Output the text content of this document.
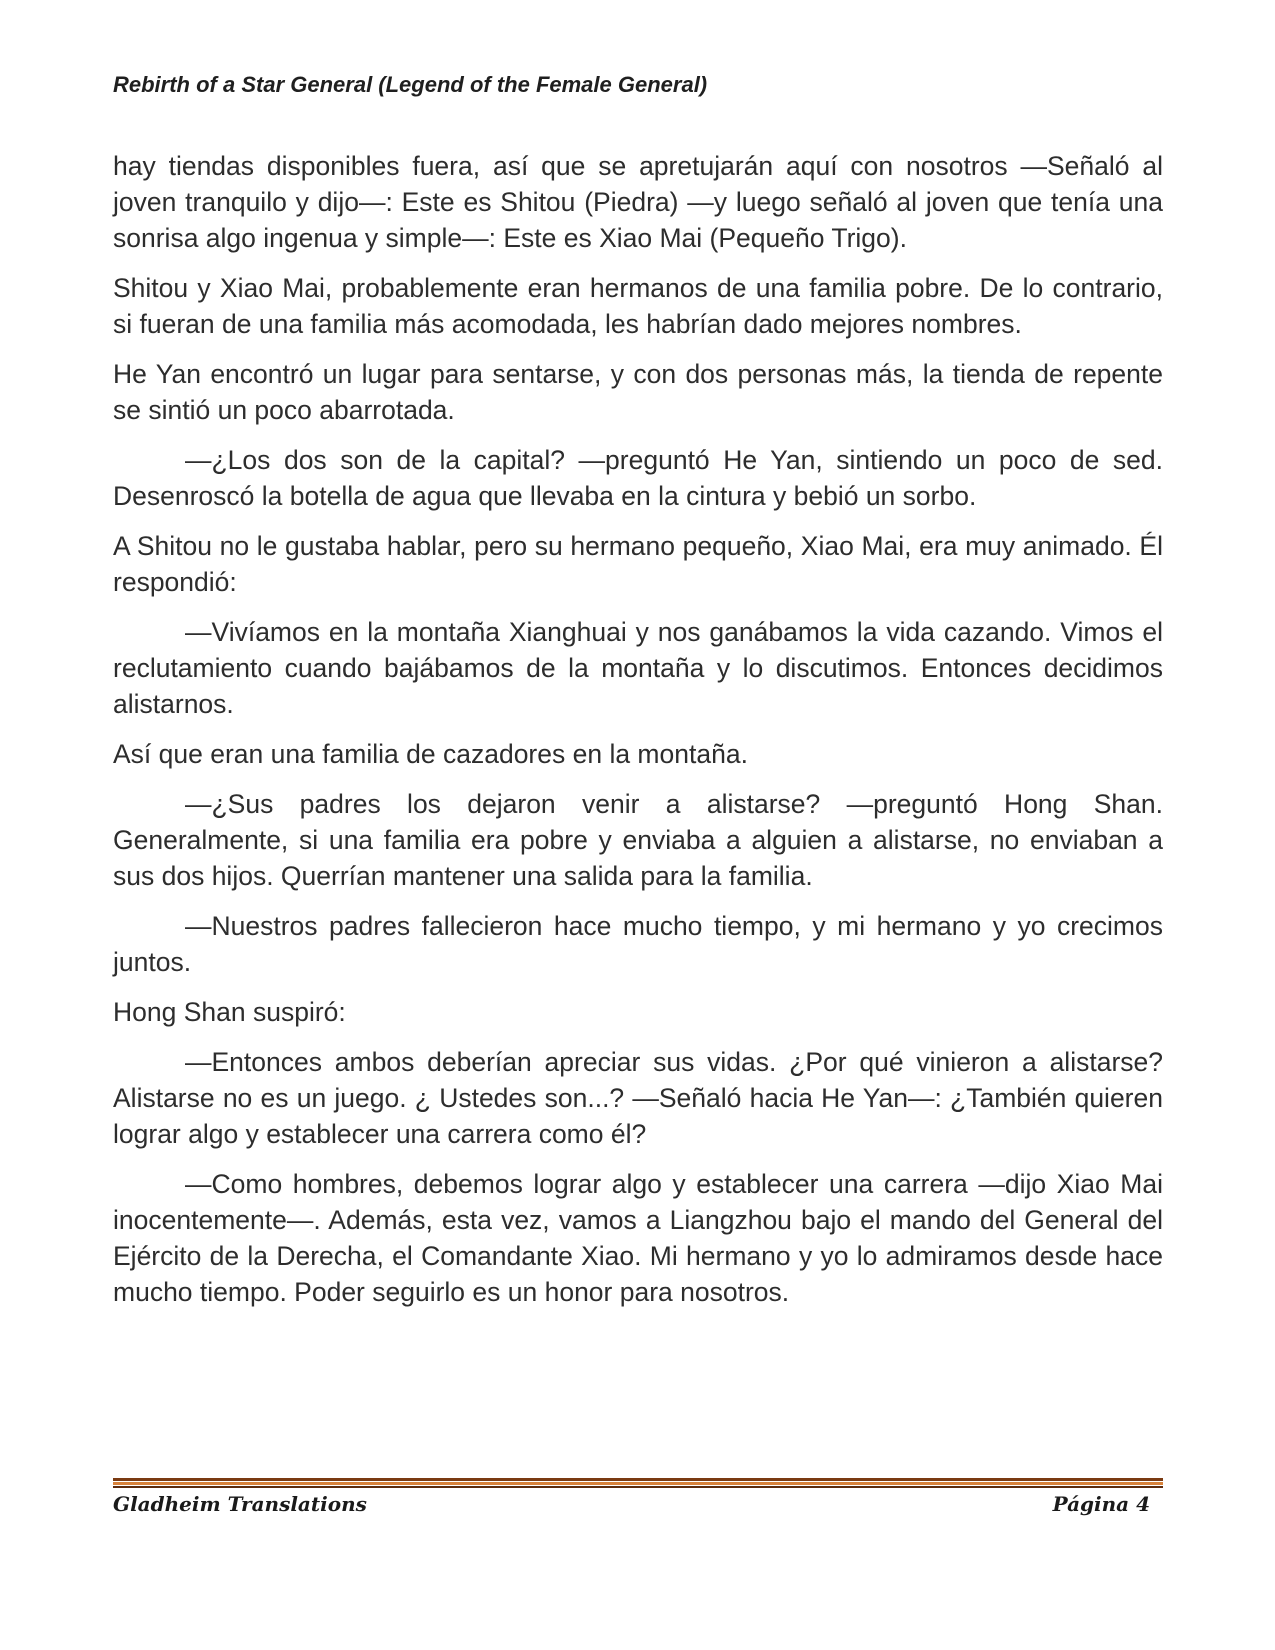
Rebirth of a Star General (Legend of the Female General)

hay tiendas disponibles fuera, así que se apretujarán aquí con nosotros —Señaló al joven tranquilo y dijo—: Este es Shitou (Piedra) —y luego señaló al joven que tenía una sonrisa algo ingenua y simple—: Este es Xiao Mai (Pequeño Trigo).

Shitou y Xiao Mai, probablemente eran hermanos de una familia pobre. De lo contrario, si fueran de una familia más acomodada, les habrían dado mejores nombres.

He Yan encontró un lugar para sentarse, y con dos personas más, la tienda de repente se sintió un poco abarrotada.

—¿Los dos son de la capital? —preguntó He Yan, sintiendo un poco de sed. Desenroscó la botella de agua que llevaba en la cintura y bebió un sorbo.

A Shitou no le gustaba hablar, pero su hermano pequeño, Xiao Mai, era muy animado. Él respondió:

—Vivíamos en la montaña Xianghuai y nos ganábamos la vida cazando. Vimos el reclutamiento cuando bajábamos de la montaña y lo discutimos. Entonces decidimos alistarnos.

Así que eran una familia de cazadores en la montaña.

—¿Sus padres los dejaron venir a alistarse? —preguntó Hong Shan. Generalmente, si una familia era pobre y enviaba a alguien a alistarse, no enviaban a sus dos hijos. Querrían mantener una salida para la familia.

—Nuestros padres fallecieron hace mucho tiempo, y mi hermano y yo crecimos juntos.

Hong Shan suspiró:

—Entonces ambos deberían apreciar sus vidas. ¿Por qué vinieron a alistarse? Alistarse no es un juego. ¿ Ustedes son...? —Señaló hacia He Yan—: ¿También quieren lograr algo y establecer una carrera como él?

—Como hombres, debemos lograr algo y establecer una carrera —dijo Xiao Mai inocentemente—. Además, esta vez, vamos a Liangzhou bajo el mando del General del Ejército de la Derecha, el Comandante Xiao. Mi hermano y yo lo admiramos desde hace mucho tiempo. Poder seguirlo es un honor para nosotros.

Gladheim Translations	Página 4
